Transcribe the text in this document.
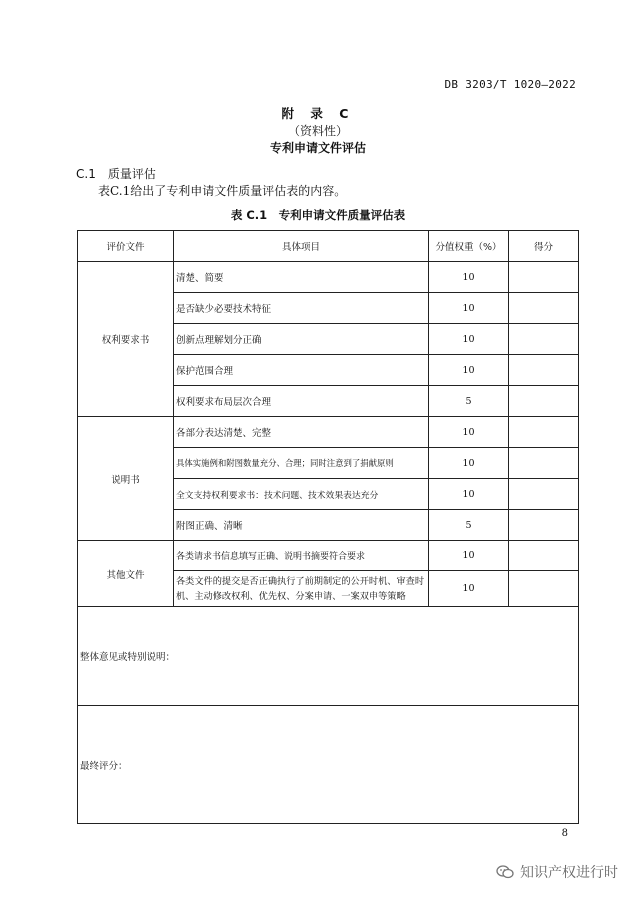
DB 3203/T 1020—2022
附 录 C
（资料性）
专利申请文件评估
C.1 质量评估
表C.1给出了专利申请文件质量评估表的内容。
表 C.1　专利申请文件质量评估表
评价文件	具体项目	分值权重（%）	得分
权利要求书	清楚、简要	10	
	是否缺少必要技术特征	10	
	创新点理解划分正确	10	
	保护范围合理	10	
	权利要求布局层次合理	5	
说明书	各部分表达清楚、完整	10	
	具体实施例和附图数量充分、合理；同时注意到了捐献原则	10	
	全文支持权利要求书：技术问题、技术效果表达充分	10	
	附图正确、清晰	5	
其他文件	各类请求书信息填写正确、说明书摘要符合要求	10	
	各类文件的提交是否正确执行了前期制定的公开时机、审查时机、主动修改权利、优先权、分案申请、一案双申等策略	10	
整体意见或特别说明：			
最终评分：			
8
知识产权进行时
